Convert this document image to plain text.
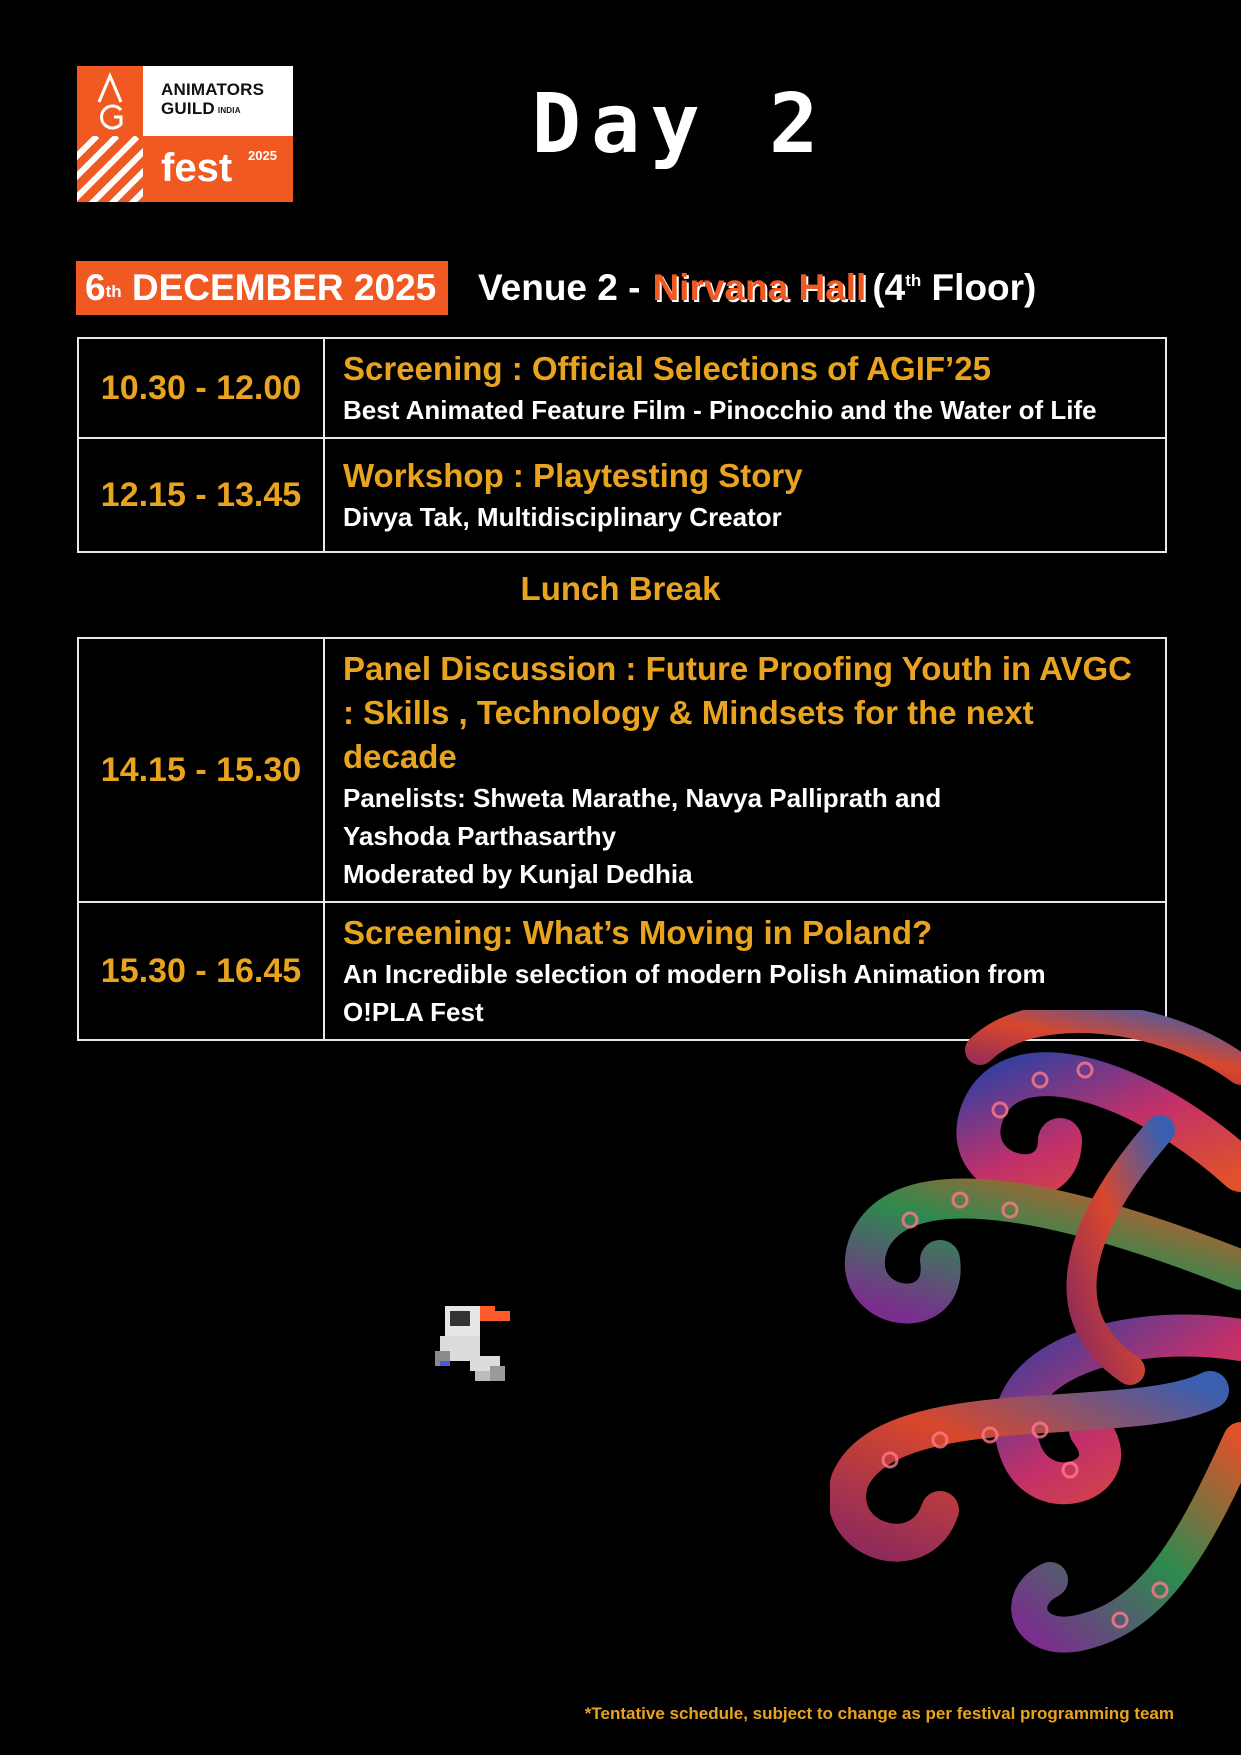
ANIMATORS
GUILD $^{INDIA}$
fest 2025	Day 2
6th DECEMBER 2025 Venue 2 - Nirvana Hall (4th Floor)
10.30 - 12.00	Screening : Official Selections of AGIF’25
Best Animated Feature Film - Pinocchio and the Water of Life

12.15 - 13.45	Workshop : Playtesting Story
Divya Tak, Multidisciplinary Creator
Lunch Break
14.15 - 15.30	Panel Discussion : Future Proofing Youth in AVGC : Skills , Technology & Mindsets for the next decade
Panelists: Shweta Marathe, Navya Palliprath and Yashoda Parthasarthy
Moderated by Kunjal Dedhia

15.30 - 16.45	Screening: What’s Moving in Poland?
An Incredible selection of modern Polish Animation from O!PLA Fest
*Tentative schedule, subject to change as per festival programming team
